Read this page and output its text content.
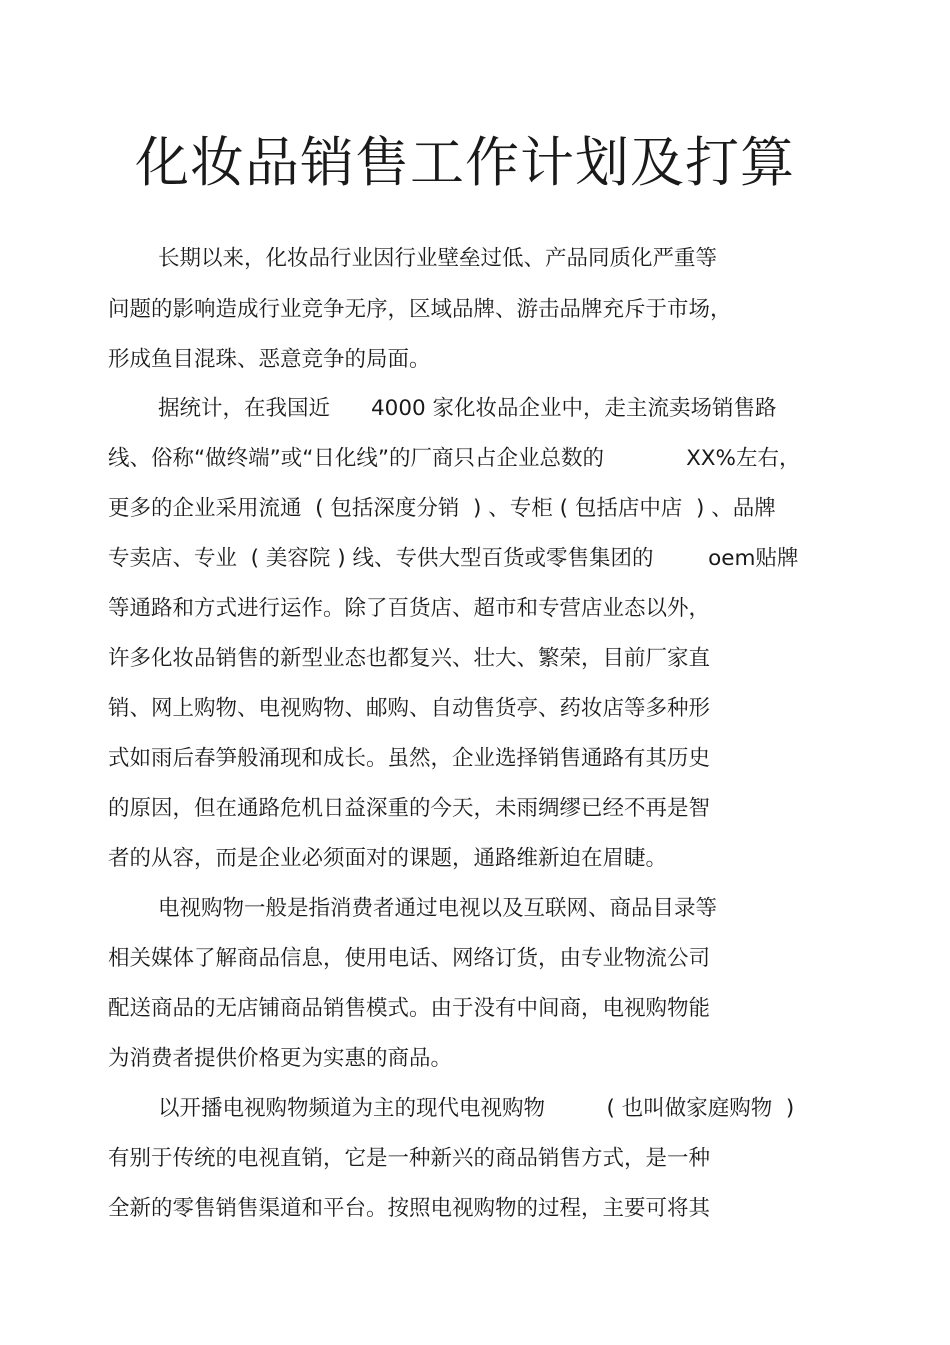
化妆品销售工作计划及打算
长期以来，化妆品行业因行业壁垒过低、产品同质化严重等
问题的影响造成行业竞争无序，区域品牌、游击品牌充斥于市场，
形成鱼目混珠、恶意竞争的局面。
据统计，在我国近      4000 家化妆品企业中，走主流卖场销售路
线、俗称“做终端”或“日化线”的厂商只占企业总数的            XX%左右，
更多的企业采用流通  ( 包括深度分销  ) 、专柜 ( 包括店中店  ) 、品牌
专卖店、专业  ( 美容院 ) 线、专供大型百货或零售集团的        oem贴牌
等通路和方式进行运作。除了百货店、超市和专营店业态以外，
许多化妆品销售的新型业态也都复兴、壮大、繁荣，目前厂家直
销、网上购物、电视购物、邮购、自动售货亭、药妆店等多种形
式如雨后春笋般涌现和成长。虽然，企业选择销售通路有其历史
的原因，但在通路危机日益深重的今天，未雨绸缪已经不再是智
者的从容，而是企业必须面对的课题，通路维新迫在眉睫。
电视购物一般是指消费者通过电视以及互联网、商品目录等
相关媒体了解商品信息，使用电话、网络订货，由专业物流公司
配送商品的无店铺商品销售模式。由于没有中间商，电视购物能
为消费者提供价格更为实惠的商品。
以开播电视购物频道为主的现代电视购物         ( 也叫做家庭购物  )
有别于传统的电视直销，它是一种新兴的商品销售方式，是一种
全新的零售销售渠道和平台。按照电视购物的过程，主要可将其
